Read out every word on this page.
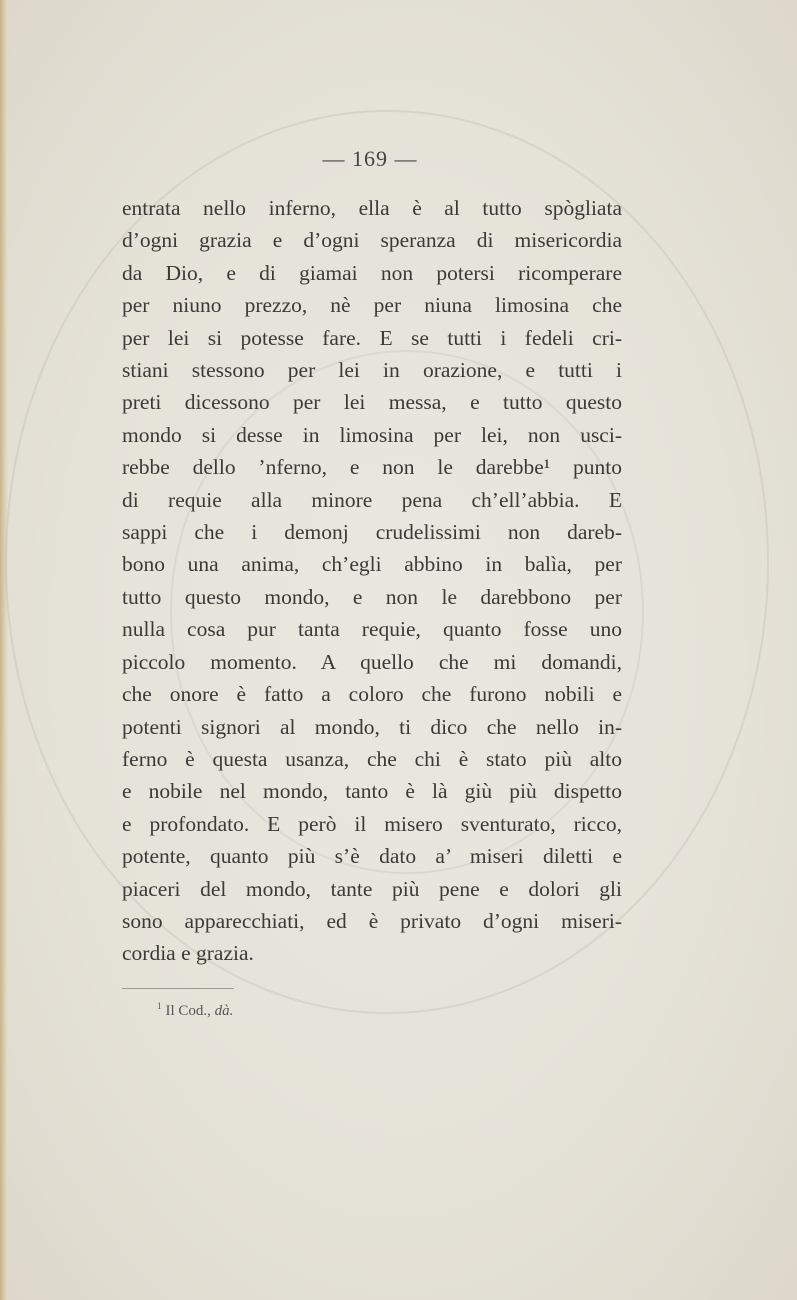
— 169 —
entrata nello inferno, ella è al tutto spògliata
d’ogni grazia e d’ogni speranza di misericordia
da Dio, e di giamai non potersi ricomperare
per niuno prezzo, nè per niuna limosina che
per lei si potesse fare. E se tutti i fedeli cri-
stiani stessono per lei in orazione, e tutti i
preti dicessono per lei messa, e tutto questo
mondo si desse in limosina per lei, non usci-
rebbe dello ’nferno, e non le darebbe¹ punto
di requie alla minore pena ch’ell’abbia. E
sappi che i demonj crudelissimi non dareb-
bono una anima, ch’egli abbino in balìa, per
tutto questo mondo, e non le darebbono per
nulla cosa pur tanta requie, quanto fosse uno
piccolo momento. A quello che mi domandi,
che onore è fatto a coloro che furono nobili e
potenti signori al mondo, ti dico che nello in-
ferno è questa usanza, che chi è stato più alto
e nobile nel mondo, tanto è là giù più dispetto
e profondato. E però il misero sventurato, ricco,
potente, quanto più s’è dato a’ miseri diletti e
piaceri del mondo, tante più pene e dolori gli
sono apparecchiati, ed è privato d’ogni miseri-
cordia e grazia.
$^1$ Il Cod., dà.
